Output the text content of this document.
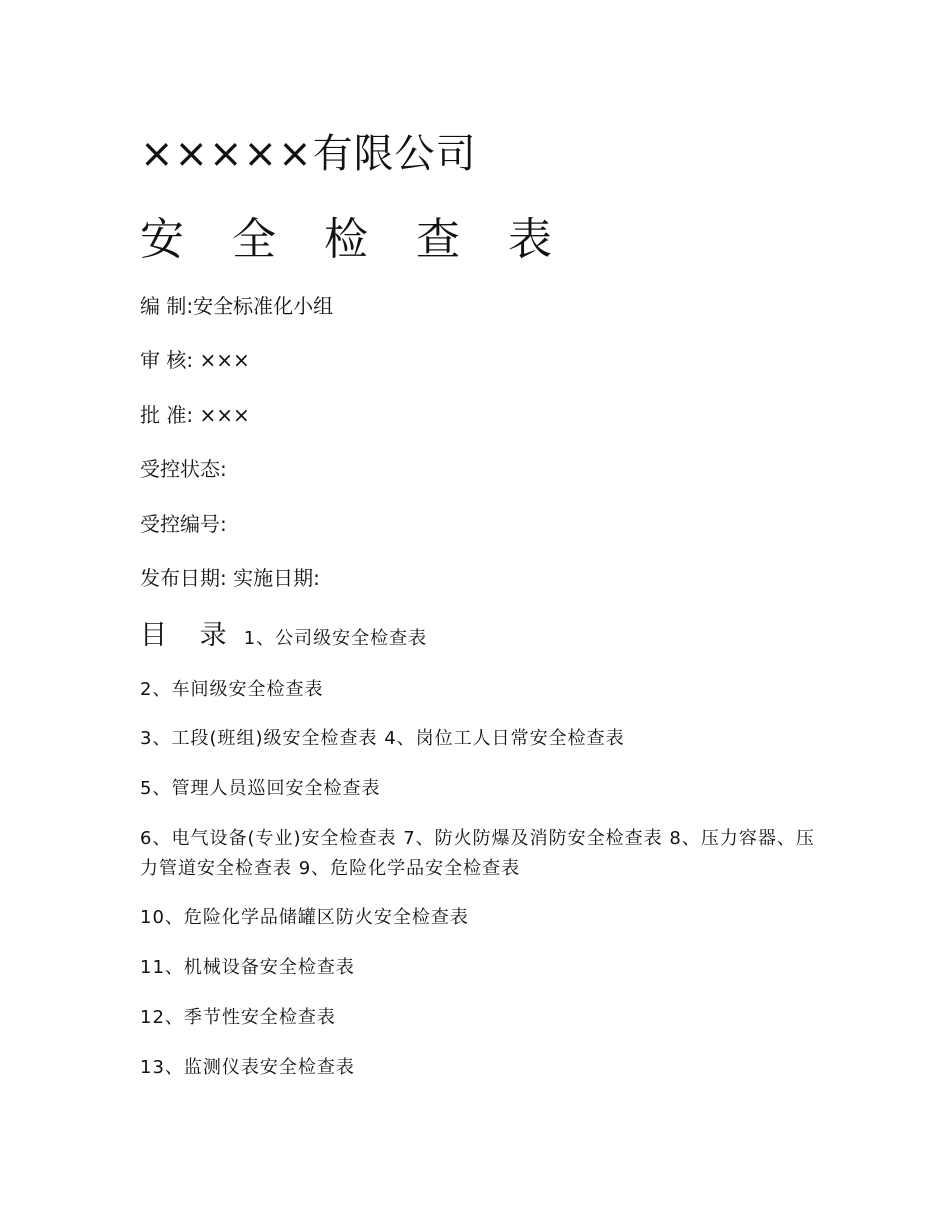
×××××有限公司
安 全 检 查 表
编 制:安全标准化小组
审 核: ×××
批 准: ×××
受控状态:
受控编号:
发布日期: 实施日期:
目 录 1、公司级安全检查表
2、车间级安全检查表
3、工段(班组)级安全检查表 4、岗位工人日常安全检查表
5、管理人员巡回安全检查表
6、电气设备(专业)安全检查表 7、防火防爆及消防安全检查表 8、压力容器、压力管道安全检查表 9、危险化学品安全检查表
10、危险化学品储罐区防火安全检查表
11、机械设备安全检查表
12、季节性安全检查表
13、监测仪表安全检查表
